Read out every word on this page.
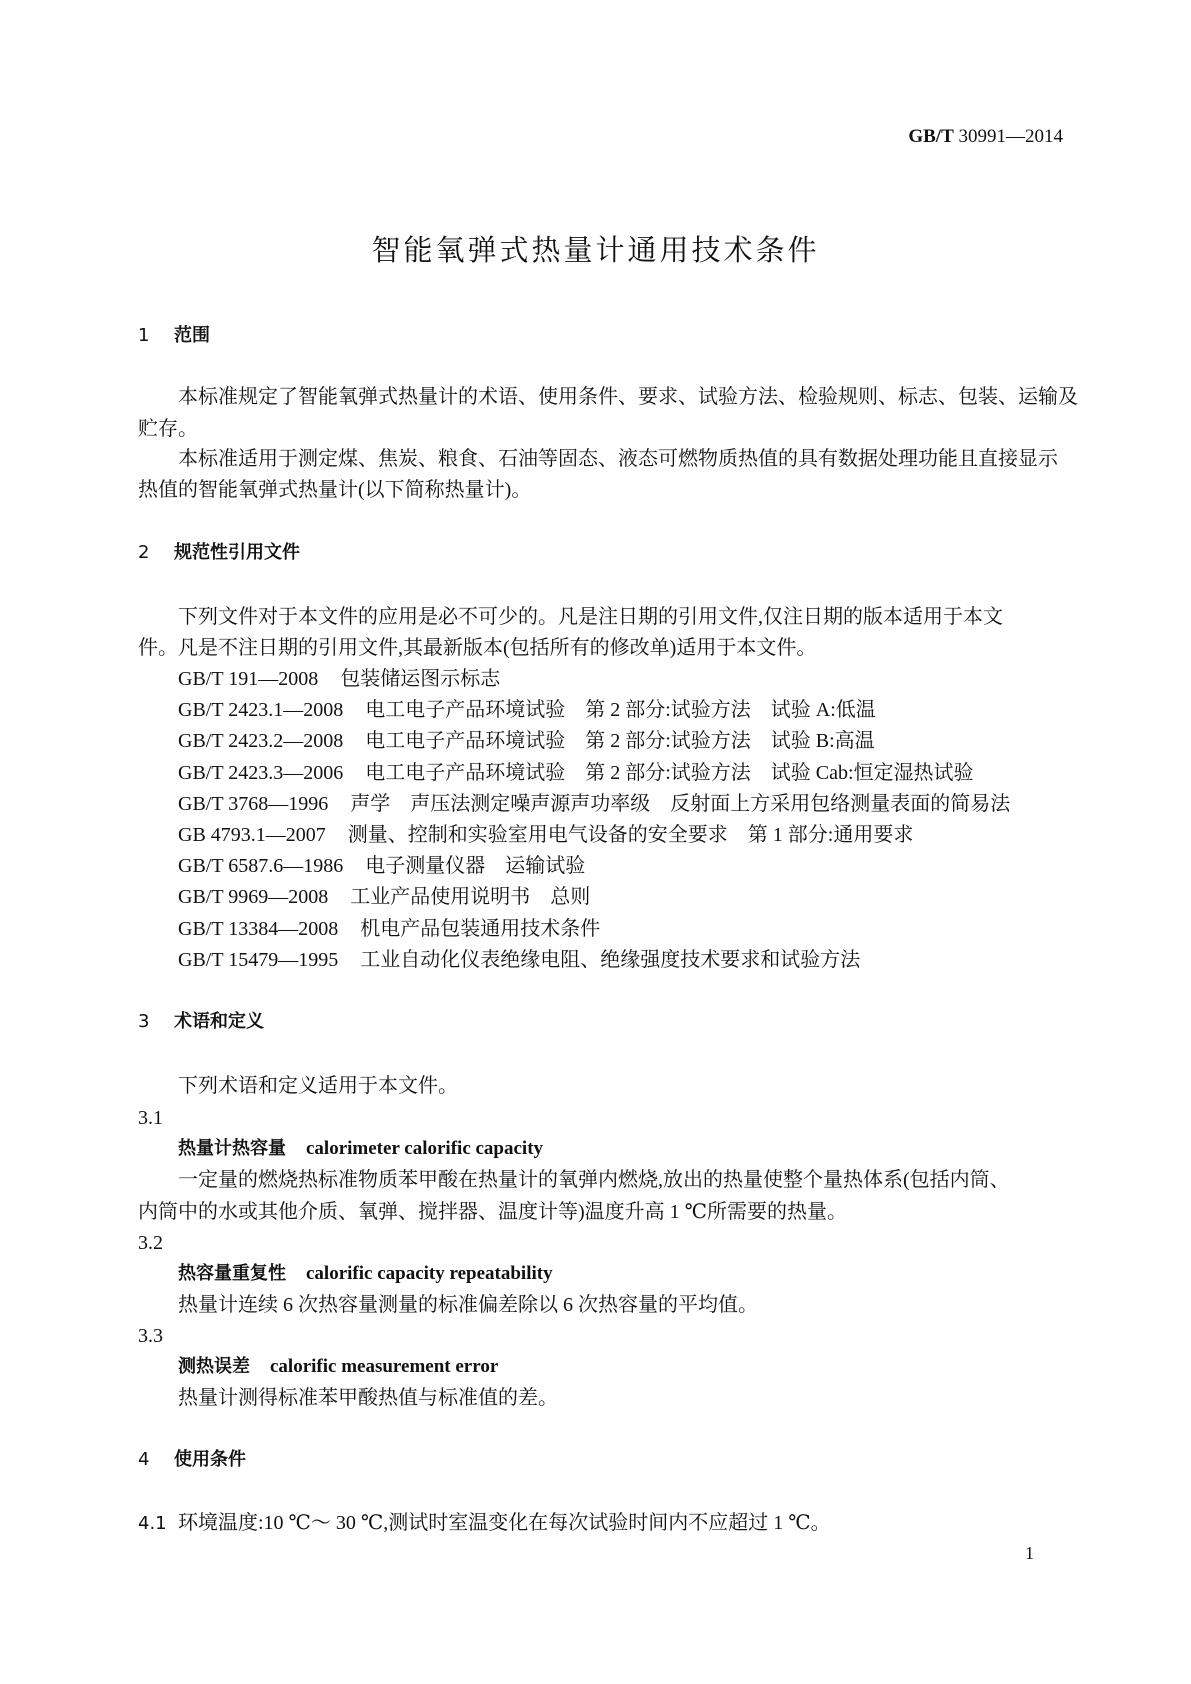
GB/T 30991—2014
智能氧弹式热量计通用技术条件
1 范围
本标准规定了智能氧弹式热量计的术语、使用条件、要求、试验方法、检验规则、标志、包装、运输及
贮存。
本标准适用于测定煤、焦炭、粮食、石油等固态、液态可燃物质热值的具有数据处理功能且直接显示
热值的智能氧弹式热量计(以下简称热量计)。
2 规范性引用文件
下列文件对于本文件的应用是必不可少的。凡是注日期的引用文件,仅注日期的版本适用于本文
件。凡是不注日期的引用文件,其最新版本(包括所有的修改单)适用于本文件。
GB/T 191—2008 包装储运图示标志
GB/T 2423.1—2008 电工电子产品环境试验　第 2 部分:试验方法　试验 A:低温
GB/T 2423.2—2008 电工电子产品环境试验　第 2 部分:试验方法　试验 B:高温
GB/T 2423.3—2006 电工电子产品环境试验　第 2 部分:试验方法　试验 Cab:恒定湿热试验
GB/T 3768—1996 声学　声压法测定噪声源声功率级　反射面上方采用包络测量表面的简易法
GB 4793.1—2007 测量、控制和实验室用电气设备的安全要求　第 1 部分:通用要求
GB/T 6587.6—1986 电子测量仪器　运输试验
GB/T 9969—2008 工业产品使用说明书　总则
GB/T 13384—2008 机电产品包装通用技术条件
GB/T 15479—1995 工业自动化仪表绝缘电阻、绝缘强度技术要求和试验方法
3 术语和定义
下列术语和定义适用于本文件。
3.1
热量计热容量 calorimeter calorific capacity
一定量的燃烧热标准物质苯甲酸在热量计的氧弹内燃烧,放出的热量使整个量热体系(包括内筒、
内筒中的水或其他介质、氧弹、搅拌器、温度计等)温度升高 1 ℃所需要的热量。
3.2
热容量重复性 calorific capacity repeatability
热量计连续 6 次热容量测量的标准偏差除以 6 次热容量的平均值。
3.3
测热误差 calorific measurement error
热量计测得标准苯甲酸热值与标准值的差。
4 使用条件
4.1 环境温度:10 ℃～ 30 ℃,测试时室温变化在每次试验时间内不应超过 1 ℃。
1
